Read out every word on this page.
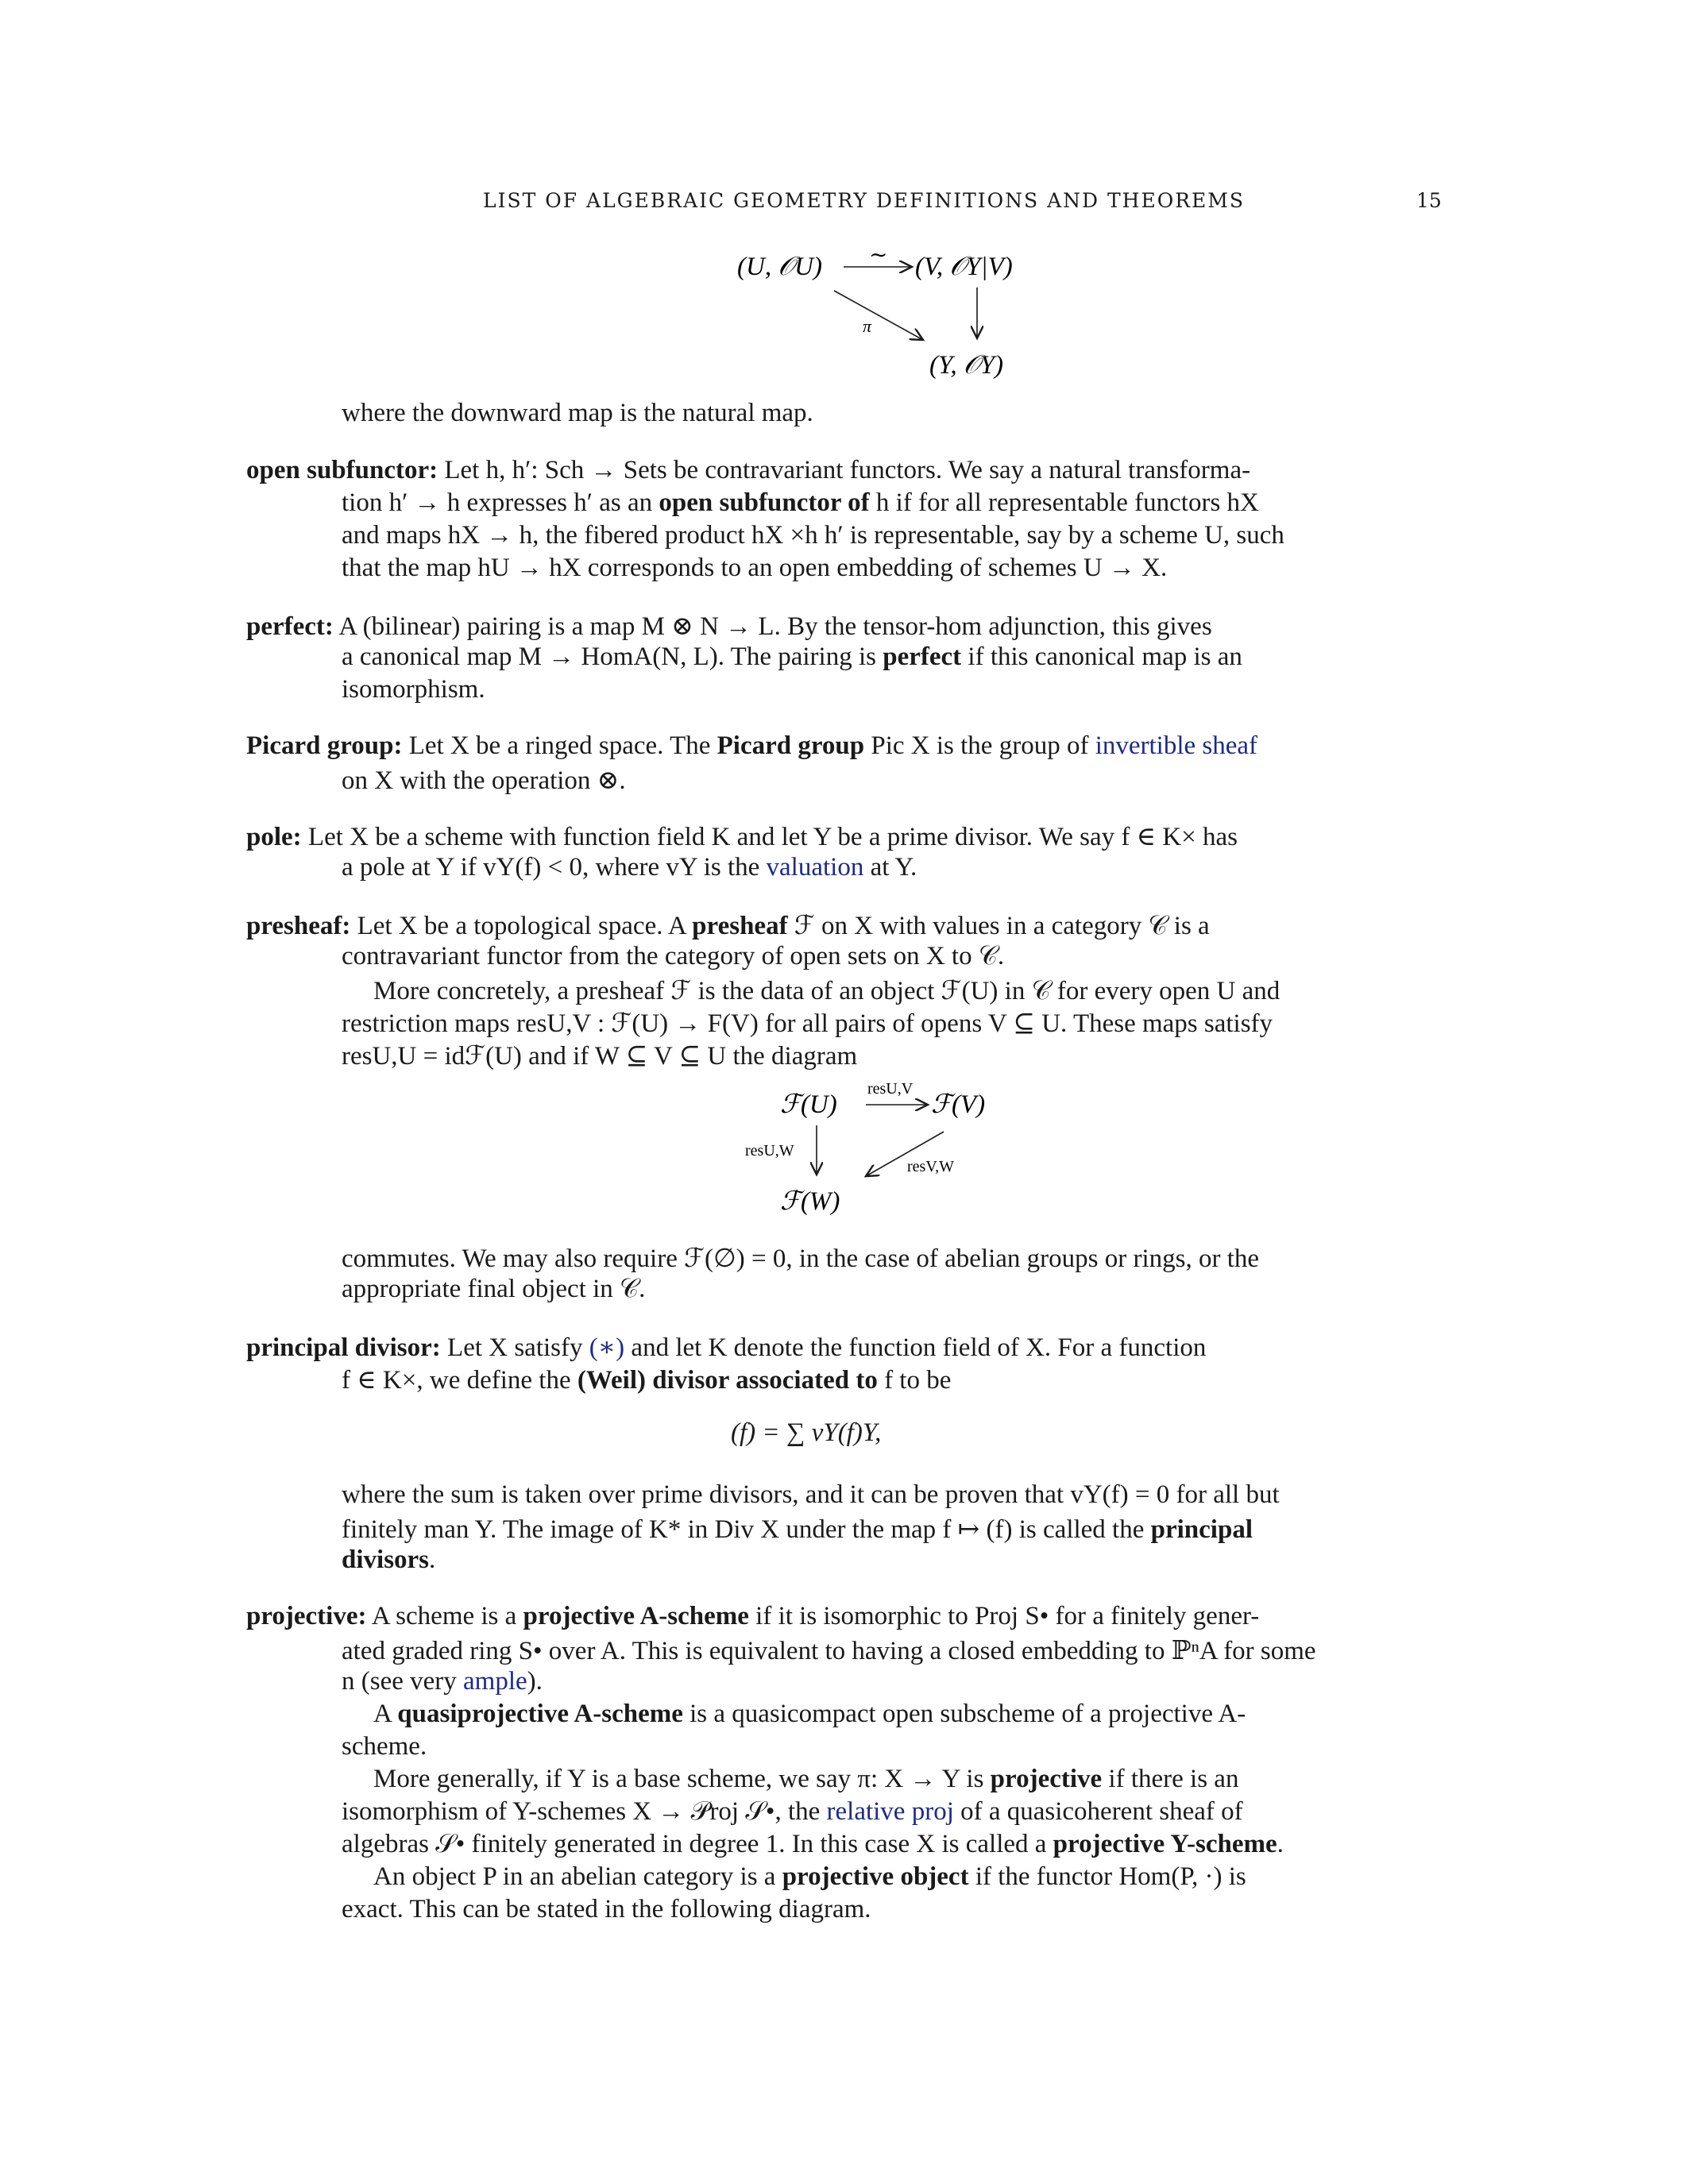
LIST OF ALGEBRAIC GEOMETRY DEFINITIONS AND THEOREMS	15
(U, 𝒪U) ∼ (V, 𝒪Y|V)
π
(Y, 𝒪Y)
where the downward map is the natural map.
open subfunctor: Let h, h′: Sch → Sets be contravariant functors. We say a natural transforma-
tion h′ → h expresses h′ as an open subfunctor of h if for all representable functors hX
and maps hX → h, the fibered product hX ×h h′ is representable, say by a scheme U, such
that the map hU → hX corresponds to an open embedding of schemes U → X.
perfect: A (bilinear) pairing is a map M ⊗ N → L. By the tensor-hom adjunction, this gives
a canonical map M → HomA(N, L). The pairing is perfect if this canonical map is an
isomorphism.
Picard group: Let X be a ringed space. The Picard group Pic X is the group of invertible sheaf
on X with the operation ⊗.
pole: Let X be a scheme with function field K and let Y be a prime divisor. We say f ∈ K× has
a pole at Y if vY(f) < 0, where vY is the valuation at Y.
presheaf: Let X be a topological space. A presheaf ℱ on X with values in a category 𝒞 is a
contravariant functor from the category of open sets on X to 𝒞.
More concretely, a presheaf ℱ is the data of an object ℱ(U) in 𝒞 for every open U and
restriction maps resU,V : ℱ(U) → F(V) for all pairs of opens V ⊆ U. These maps satisfy
resU,U = idℱ(U) and if W ⊆ V ⊆ U the diagram
ℱ(U)
resU,V
ℱ(V)
resU,W
resV,W
ℱ(W)
commutes. We may also require ℱ(∅) = 0, in the case of abelian groups or rings, or the
appropriate final object in 𝒞.
principal divisor: Let X satisfy (∗) and let K denote the function field of X. For a function
f ∈ K×, we define the (Weil) divisor associated to f to be
(f) = ∑ vY(f)Y,
where the sum is taken over prime divisors, and it can be proven that vY(f) = 0 for all but
finitely man Y. The image of K* in Div X under the map f ↦ (f) is called the principal
divisors.
projective: A scheme is a projective A-scheme if it is isomorphic to Proj S• for a finitely gener-
ated graded ring S• over A. This is equivalent to having a closed embedding to ℙⁿA for some
n (see very ample).
A quasiprojective A-scheme is a quasicompact open subscheme of a projective A-
scheme.
More generally, if Y is a base scheme, we say π: X → Y is projective if there is an
isomorphism of Y-schemes X → 𝒫roj 𝒮•, the relative proj of a quasicoherent sheaf of
algebras 𝒮• finitely generated in degree 1. In this case X is called a projective Y-scheme.
An object P in an abelian category is a projective object if the functor Hom(P, ·) is
exact. This can be stated in the following diagram.
